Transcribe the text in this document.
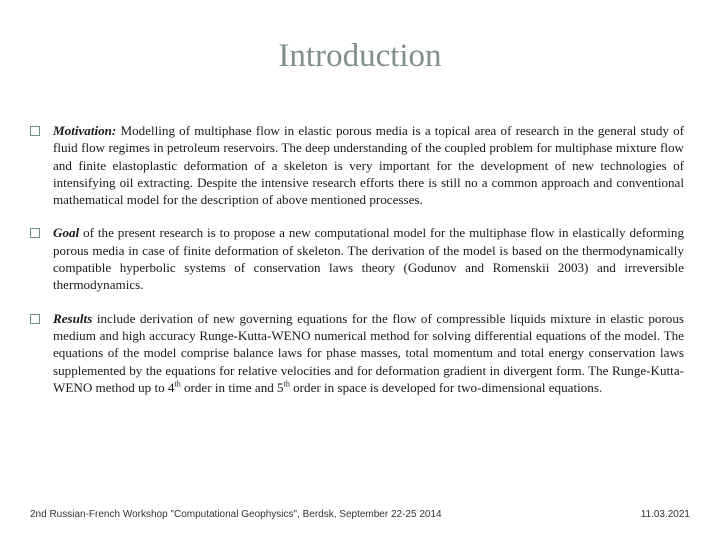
Introduction
Motivation: Modelling of multiphase flow in elastic porous media is a topical area of research in the general study of fluid flow regimes in petroleum reservoirs. The deep understanding of the coupled problem for multiphase mixture flow and finite elastoplastic deformation of a skeleton is very important for the development of new technologies of intensifying oil extracting. Despite the intensive research efforts there is still no a common approach and conventional mathematical model for the description of above mentioned processes.
Goal of the present research is to propose a new computational model for the multiphase flow in elastically deforming porous media in case of finite deformation of skeleton. The derivation of the model is based on the thermodynamically compatible hyperbolic systems of conservation laws theory (Godunov and Romenskii 2003) and irreversible thermodynamics.
Results include derivation of new governing equations for the flow of compressible liquids mixture in elastic porous medium and high accuracy Runge-Kutta-WENO numerical method for solving differential equations of the model. The equations of the model comprise balance laws for phase masses, total momentum and total energy conservation laws supplemented by the equations for relative velocities and for deformation gradient in divergent form. The Runge-Kutta-WENO method up to 4th order in time and 5th order in space is developed for two-dimensional equations.
2nd Russian-French Workshop "Computational Geophysics", Berdsk, September 22-25 2014	11.03.2021
